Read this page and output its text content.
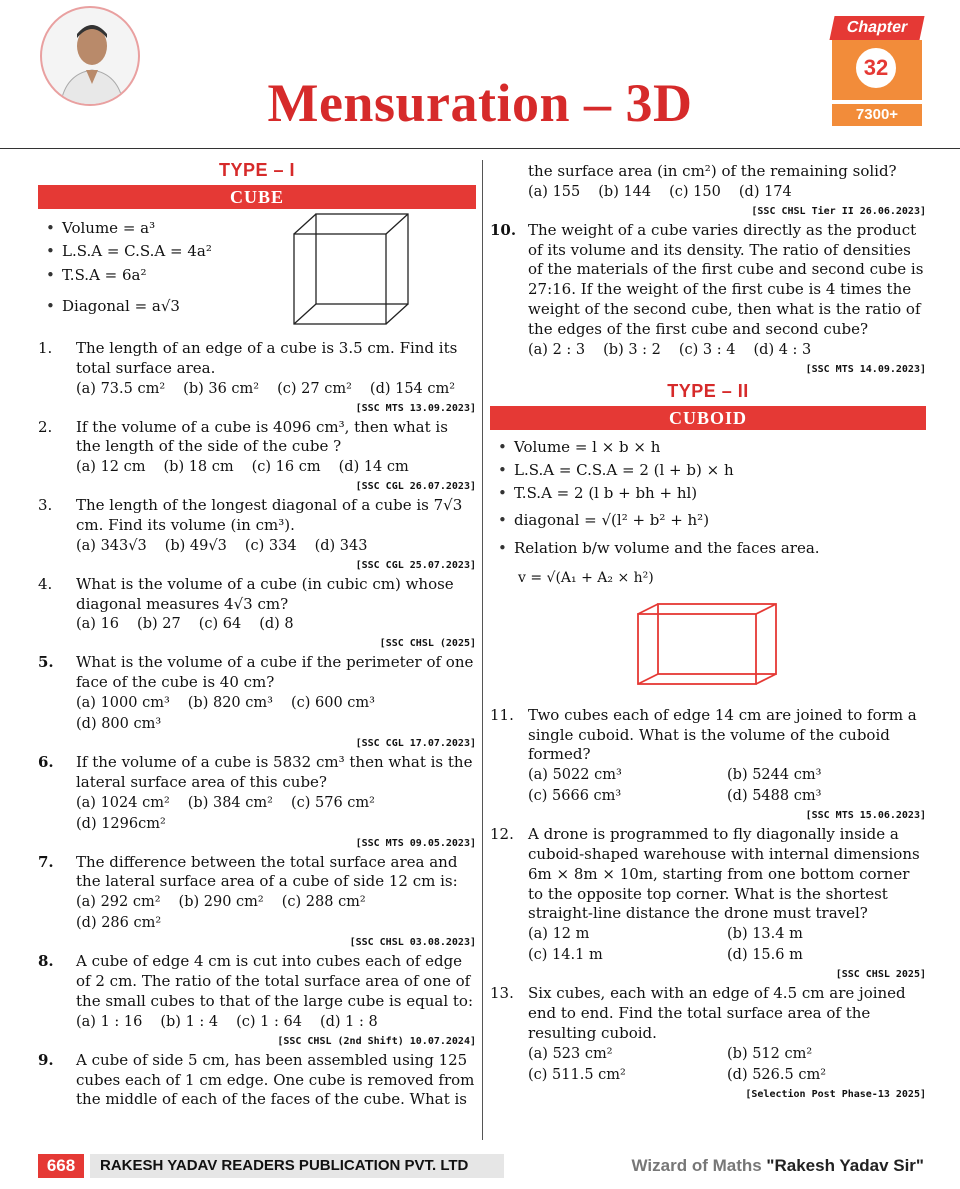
Mensuration – 3D
Chapter
32
7300+
TYPE – I
CUBE
• Volume = a³
• L.S.A = C.S.A = 4a²
• T.S.A = 6a²
• Diagonal = a√3
1.	The length of an edge of a cube is 3.5 cm. Find its total surface area.
(a) 73.5 cm² (b) 36 cm² (c) 27 cm² (d) 154 cm²
[SSC MTS 13.09.2023]
2.	If the volume of a cube is 4096 cm³, then what is the length of the side of the cube ?
(a) 12 cm (b) 18 cm (c) 16 cm (d) 14 cm
[SSC CGL 26.07.2023]
3.	The length of the longest diagonal of a cube is 7√3 cm. Find its volume (in cm³).
(a) 343√3 (b) 49√3 (c) 334 (d) 343
[SSC CGL 25.07.2023]
4.	What is the volume of a cube (in cubic cm) whose diagonal measures 4√3 cm?
(a) 16 (b) 27 (c) 64 (d) 8
[SSC CHSL (2025]
5.	What is the volume of a cube if the perimeter of one face of the cube is 40 cm?
(a) 1000 cm³ (b) 820 cm³ (c) 600 cm³
(d) 800 cm³
[SSC CGL 17.07.2023]
6.	If the volume of a cube is 5832 cm³ then what is the lateral surface area of this cube?
(a) 1024 cm² (b) 384 cm² (c) 576 cm²
(d) 1296cm²
[SSC MTS 09.05.2023]
7.	The difference between the total surface area and the lateral surface area of a cube of side 12 cm is:
(a) 292 cm² (b) 290 cm² (c) 288 cm²
(d) 286 cm²
[SSC CHSL 03.08.2023]
8.	A cube of edge 4 cm is cut into cubes each of edge of 2 cm. The ratio of the total surface area of one of the small cubes to that of the large cube is equal to:
(a) 1 : 16 (b) 1 : 4 (c) 1 : 64 (d) 1 : 8
[SSC CHSL (2nd Shift) 10.07.2024]
9.	A cube of side 5 cm, has been assembled using 125 cubes each of 1 cm edge. One cube is removed from the middle of each of the faces of the cube. What is
the surface area (in cm²) of the remaining solid?
(a) 155 (b) 144 (c) 150 (d) 174
[SSC CHSL Tier II 26.06.2023]
10. The weight of a cube varies directly as the product of its volume and its density. The ratio of densities of the materials of the first cube and second cube is 27:16. If the weight of the first cube is 4 times the weight of the second cube, then what is the ratio of the edges of the first cube and second cube?
(a) 2 : 3 (b) 3 : 2 (c) 3 : 4 (d) 4 : 3
[SSC MTS 14.09.2023]
TYPE – II
CUBOID
• Volume = l × b × h
• L.S.A = C.S.A = 2 (l + b) × h
• T.S.A = 2 (l b + bh + hl)
• diagonal = √(l² + b² + h²)
• Relation b/w volume and the faces area.
v = √(A₁ + A₂ × h²)
11. Two cubes each of edge 14 cm are joined to form a single cuboid. What is the volume of the cuboid formed?
(a) 5022 cm³	(b) 5244 cm³
(c) 5666 cm³	(d) 5488 cm³
[SSC MTS 15.06.2023]
12. A drone is programmed to fly diagonally inside a cuboid-shaped warehouse with internal dimensions 6m × 8m × 10m, starting from one bottom corner to the opposite top corner. What is the shortest straight-line distance the drone must travel?
(a) 12 m	(b) 13.4 m
(c) 14.1 m	(d) 15.6 m
[SSC CHSL 2025]
13. Six cubes, each with an edge of 4.5 cm are joined end to end. Find the total surface area of the resulting cuboid.
(a) 523 cm²	(b) 512 cm²
(c) 511.5 cm²	(d) 526.5 cm²
[Selection Post Phase-13 2025]
668	RAKESH YADAV READERS PUBLICATION PVT. LTD	Wizard of Maths "Rakesh Yadav Sir"
